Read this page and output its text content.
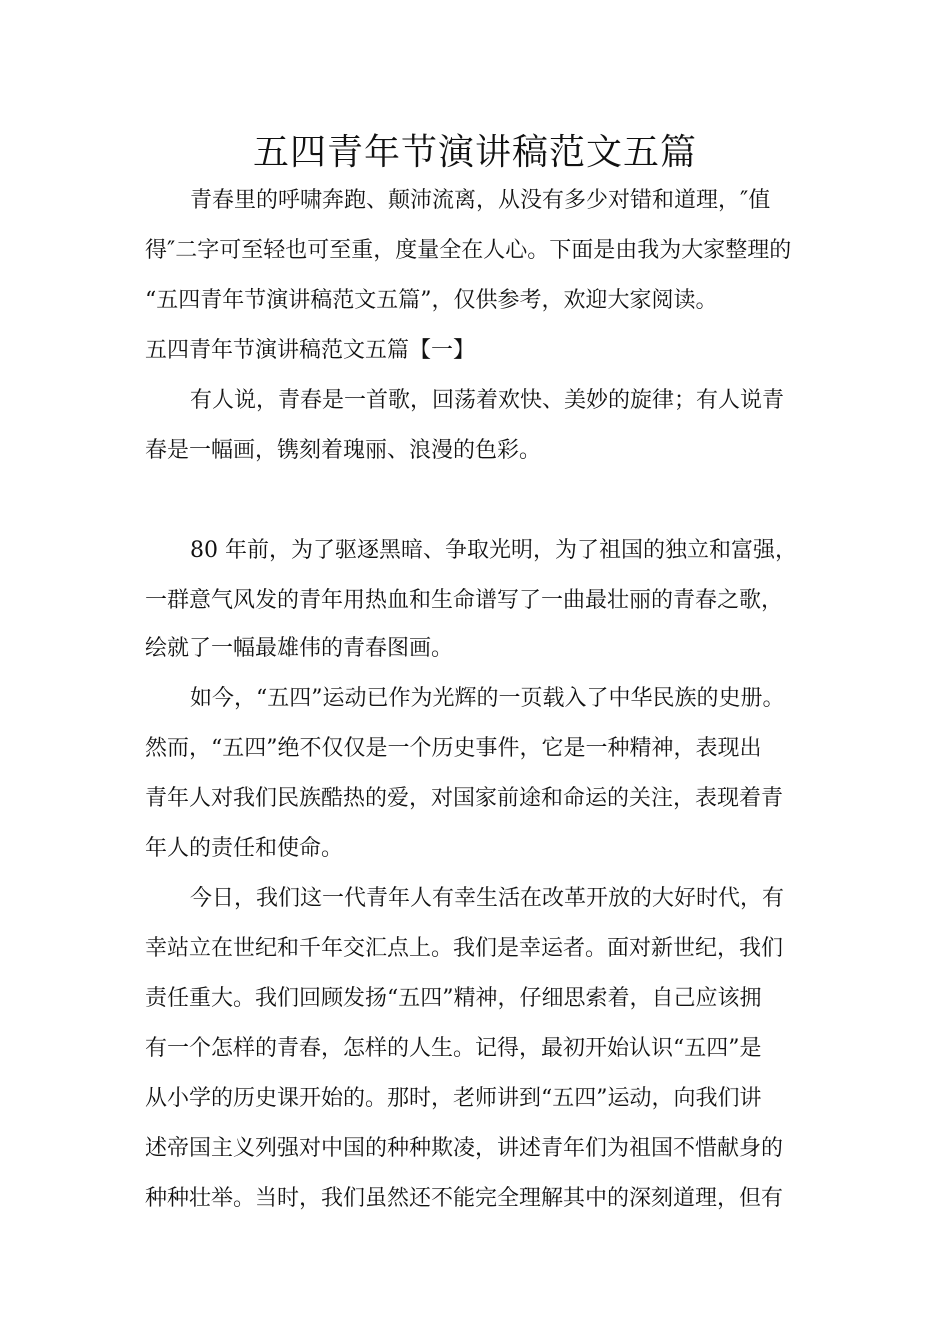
五四青年节演讲稿范文五篇

青春里的呼啸奔跑、颠沛流离，从没有多少对错和道理，″值

得″二字可至轻也可至重，度量全在人心。下面是由我为大家整理的

“五四青年节演讲稿范文五篇”，仅供参考，欢迎大家阅读。

五四青年节演讲稿范文五篇【一】

有人说，青春是一首歌，回荡着欢快、美妙的旋律；有人说青

春是一幅画，镌刻着瑰丽、浪漫的色彩。

80 年前，为了驱逐黑暗、争取光明，为了祖国的独立和富强，

一群意气风发的青年用热血和生命谱写了一曲最壮丽的青春之歌，

绘就了一幅最雄伟的青春图画。

如今，“五四”运动已作为光辉的一页载入了中华民族的史册。

然而，“五四”绝不仅仅是一个历史事件，它是一种精神，表现出

青年人对我们民族酷热的爱，对国家前途和命运的关注，表现着青

年人的责任和使命。

今日，我们这一代青年人有幸生活在改革开放的大好时代，有

幸站立在世纪和千年交汇点上。我们是幸运者。面对新世纪，我们

责任重大。我们回顾发扬“五四”精神，仔细思索着，自己应该拥

有一个怎样的青春，怎样的人生。记得，最初开始认识“五四”是

从小学的历史课开始的。那时，老师讲到“五四”运动，向我们讲

述帝国主义列强对中国的种种欺凌，讲述青年们为祖国不惜献身的

种种壮举。当时，我们虽然还不能完全理解其中的深刻道理，但有
